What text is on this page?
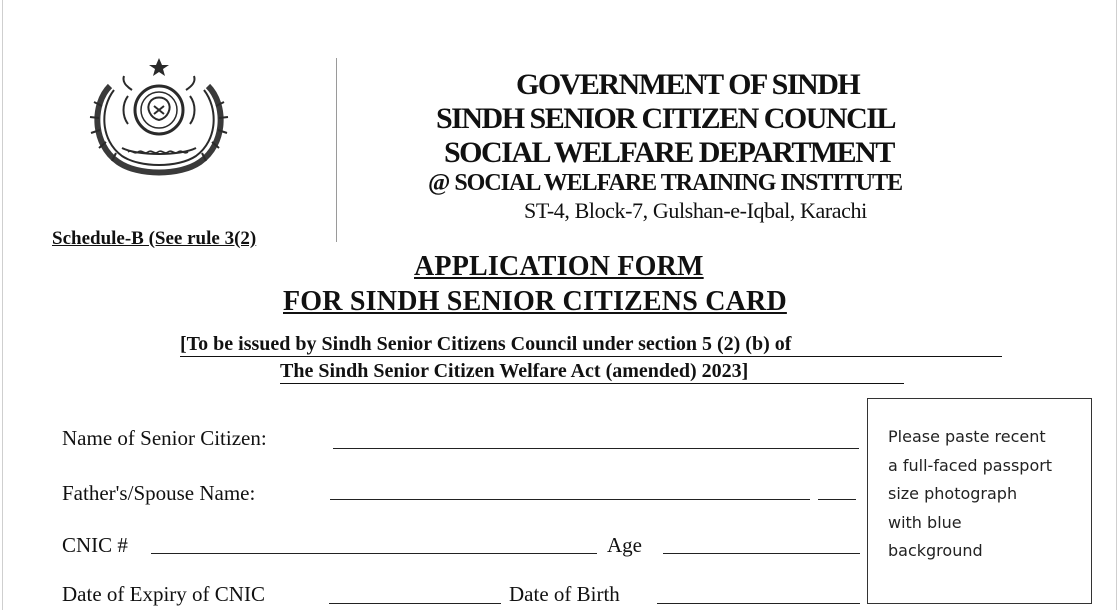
GOVERNMENT OF SINDH
SINDH SENIOR CITIZEN COUNCIL
SOCIAL WELFARE DEPARTMENT
@ SOCIAL WELFARE TRAINING INSTITUTE
ST-4, Block-7, Gulshan-e-Iqbal, Karachi
Schedule-B (See rule 3(2)
APPLICATION FORM
FOR SINDH SENIOR CITIZENS CARD
[To be issued by Sindh Senior Citizens Council under section 5 (2) (b) of
The Sindh Senior Citizen Welfare Act (amended) 2023]
Name of Senior Citizen:
Father's/Spouse Name:
CNIC #	Age
Date of Expiry of CNIC	Date of Birth
Please paste recent
a full-faced passport
size photograph
with blue
background
